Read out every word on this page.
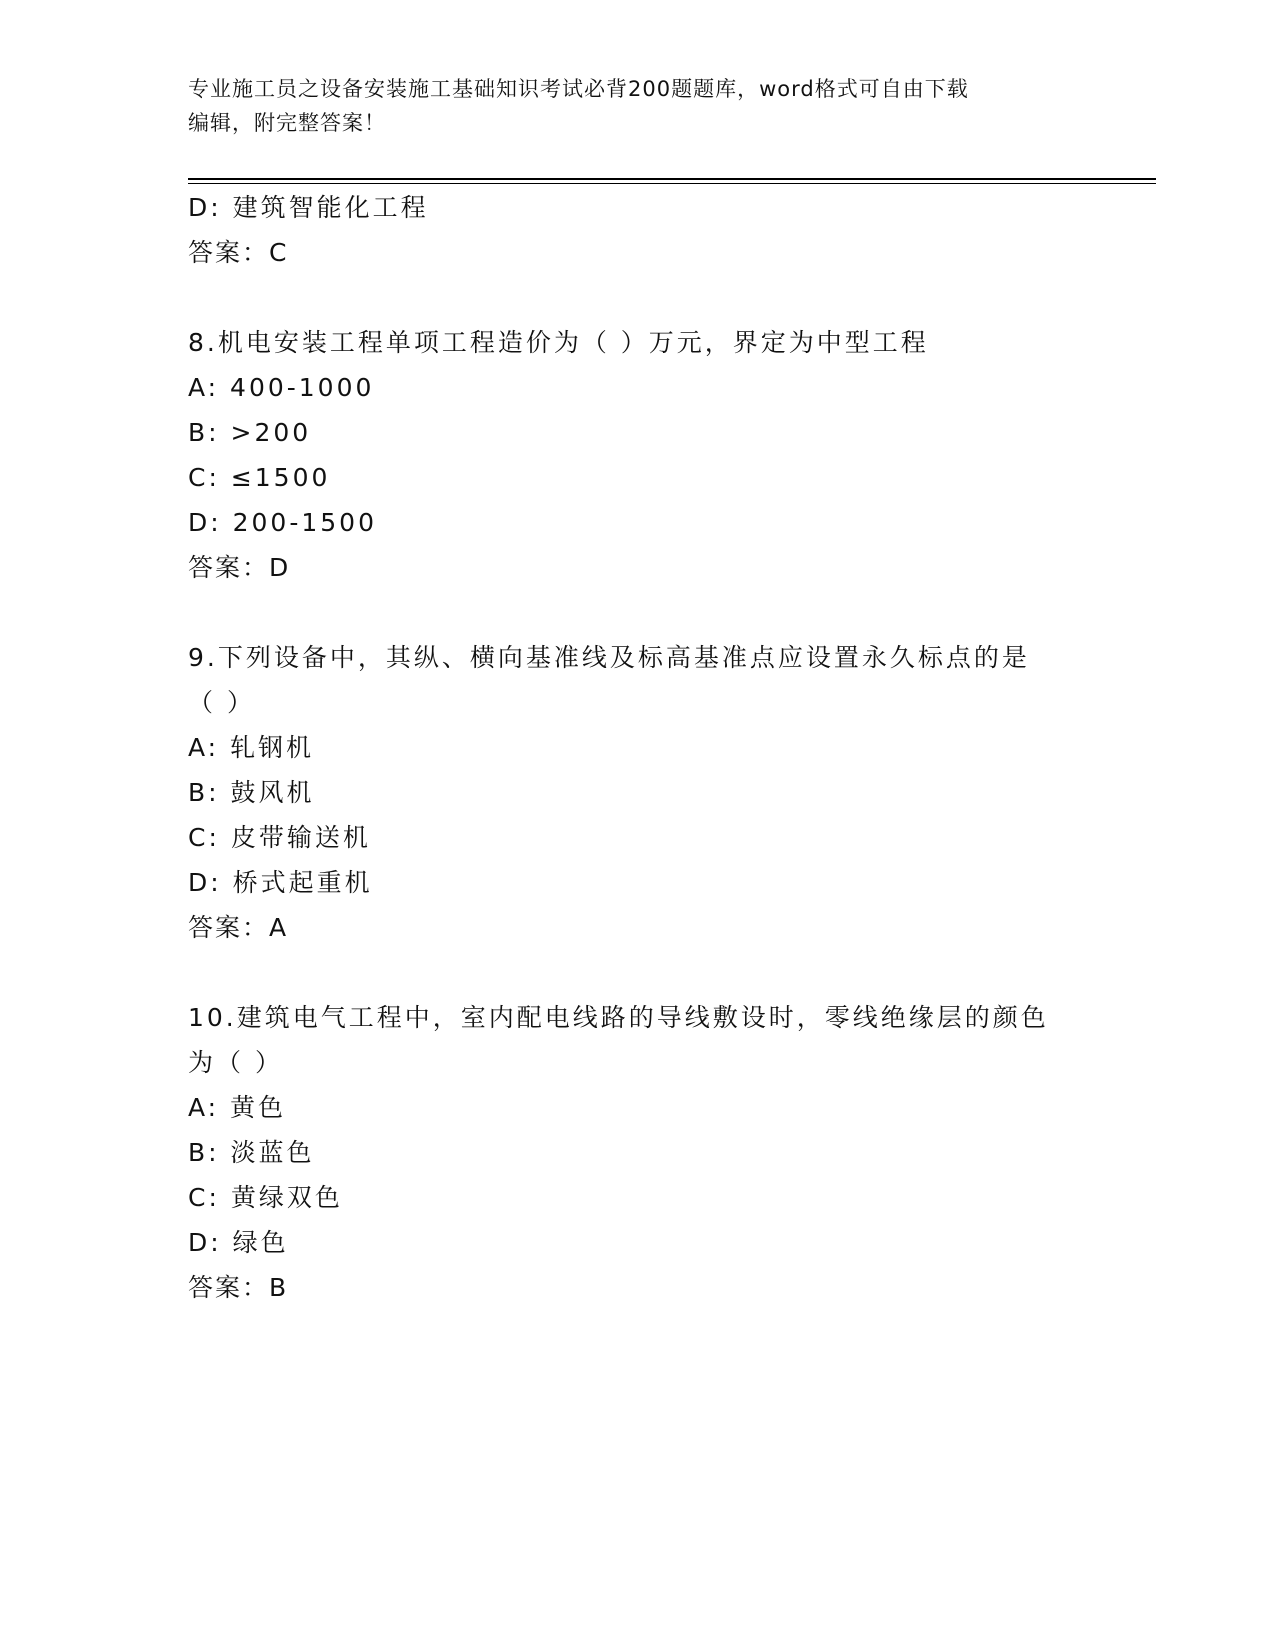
专业施工员之设备安装施工基础知识考试必背200题题库，word格式可自由下载
编辑，附完整答案！
D: 建筑智能化工程
答案：C
8.机电安装工程单项工程造价为（ ）万元，界定为中型工程
A: 400-1000
B: >200
C: ≤1500
D: 200-1500
答案：D
9.下列设备中，其纵、横向基准线及标高基准点应设置永久标点的是
（ ）
A: 轧钢机
B: 鼓风机
C: 皮带输送机
D: 桥式起重机
答案：A
10.建筑电气工程中，室内配电线路的导线敷设时，零线绝缘层的颜色
为（ ）
A: 黄色
B: 淡蓝色
C: 黄绿双色
D: 绿色
答案：B
